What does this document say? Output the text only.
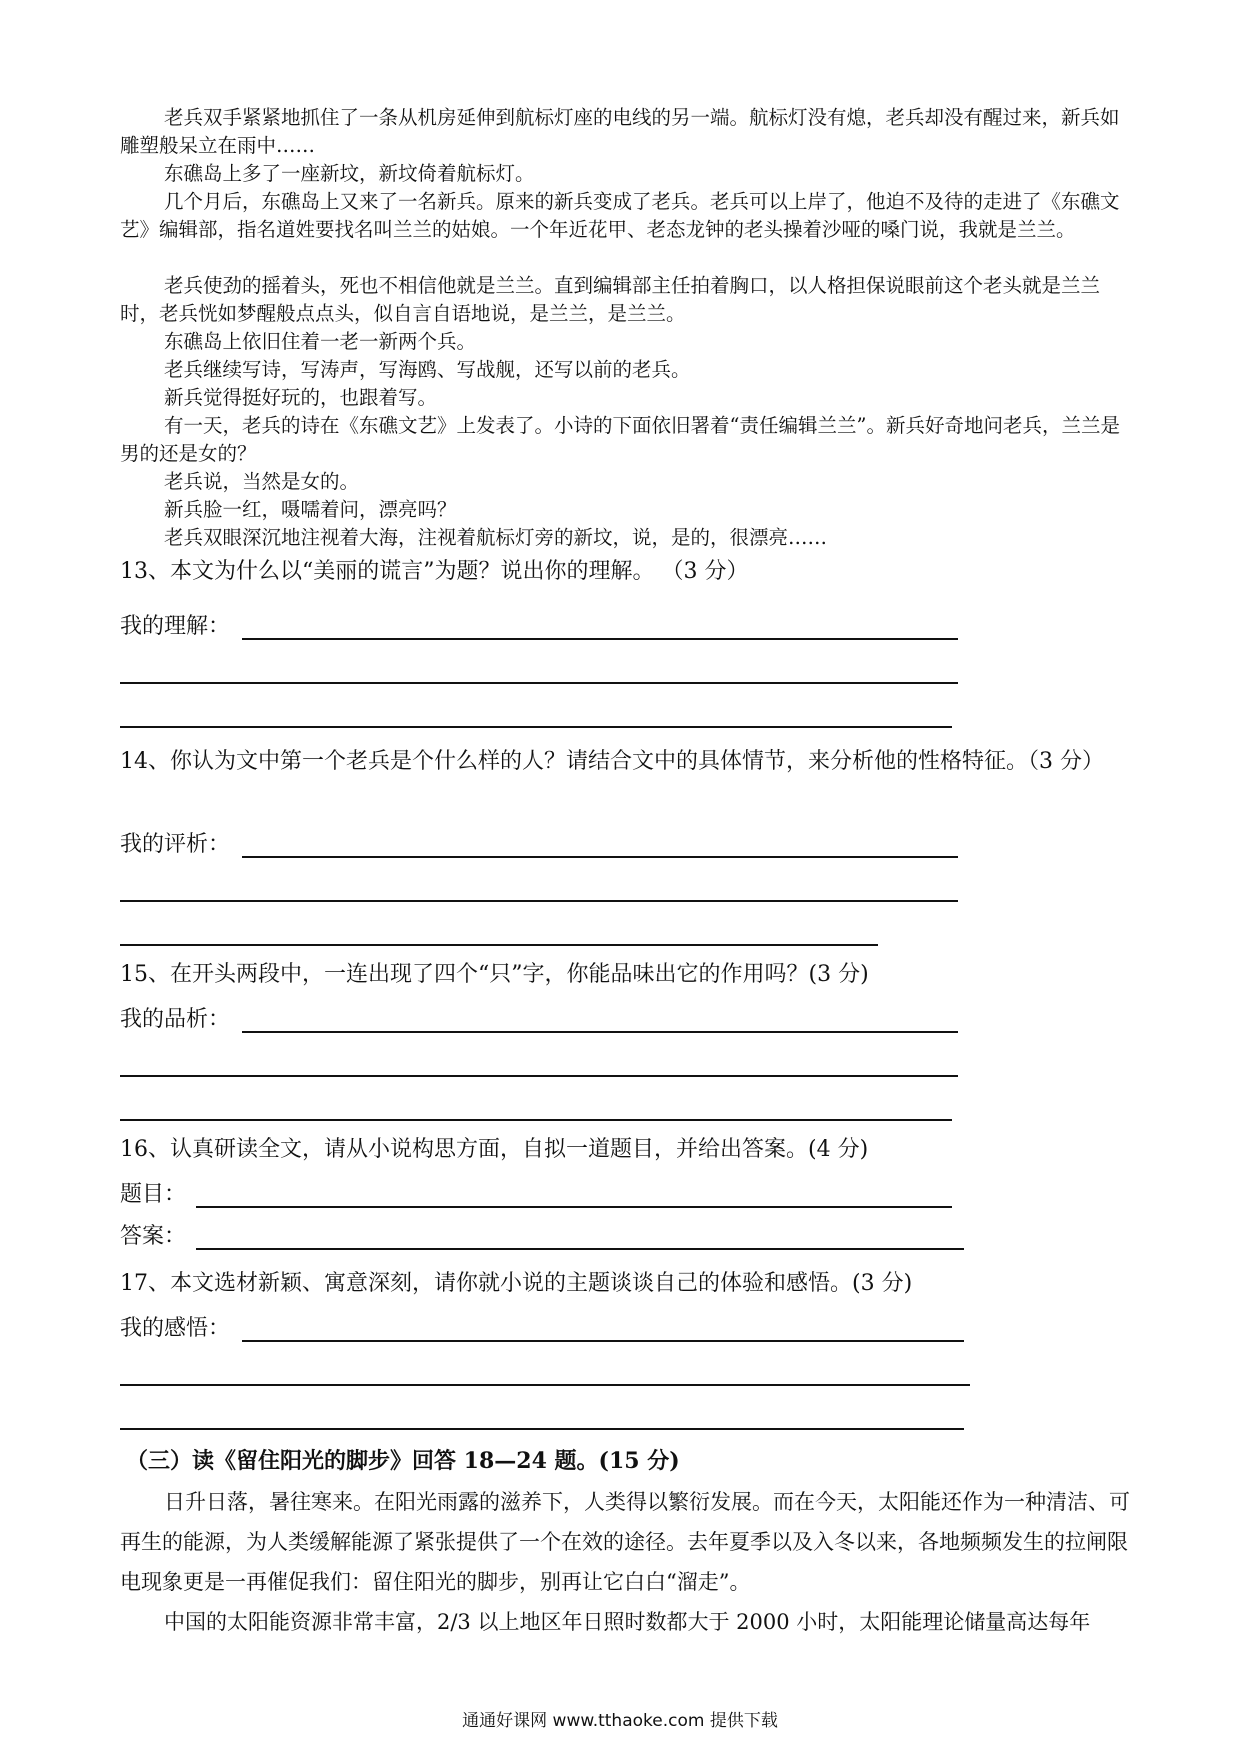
老兵双手紧紧地抓住了一条从机房延伸到航标灯座的电线的另一端。航标灯没有熄，老兵却没有醒过来，新兵如雕塑般呆立在雨中……

东礁岛上多了一座新坟，新坟倚着航标灯。

几个月后，东礁岛上又来了一名新兵。原来的新兵变成了老兵。老兵可以上岸了，他迫不及待的走进了《东礁文艺》编辑部，指名道姓要找名叫兰兰的姑娘。一个年近花甲、老态龙钟的老头操着沙哑的嗓门说，我就是兰兰。

老兵使劲的摇着头，死也不相信他就是兰兰。直到编辑部主任拍着胸口，以人格担保说眼前这个老头就是兰兰时，老兵恍如梦醒般点点头，似自言自语地说，是兰兰，是兰兰。

东礁岛上依旧住着一老一新两个兵。

老兵继续写诗，写涛声，写海鸥、写战舰，还写以前的老兵。

新兵觉得挺好玩的，也跟着写。

有一天，老兵的诗在《东礁文艺》上发表了。小诗的下面依旧署着“责任编辑兰兰”。新兵好奇地问老兵，兰兰是男的还是女的？

老兵说，当然是女的。

新兵脸一红，嗫嚅着问，漂亮吗？

老兵双眼深沉地注视着大海，注视着航标灯旁的新坟，说，是的，很漂亮……

13、本文为什么以“美丽的谎言”为题？说出你的理解。 （3 分）

我的理解：

14、你认为文中第一个老兵是个什么样的人？请结合文中的具体情节，来分析他的性格特征。（3 分）

我的评析：

15、在开头两段中，一连出现了四个“只”字，你能品味出它的作用吗？(3 分)

我的品析：

16、认真研读全文，请从小说构思方面，自拟一道题目，并给出答案。(4 分)

题目：
答案：

17、本文选材新颖、寓意深刻，请你就小说的主题谈谈自己的体验和感悟。(3 分)

我的感悟：
（三）读《留住阳光的脚步》回答 18—24 题。(15 分)

日升日落，暑往寒来。在阳光雨露的滋养下，人类得以繁衍发展。而在今天，太阳能还作为一种清洁、可再生的能源，为人类缓解能源了紧张提供了一个在效的途径。去年夏季以及入冬以来，各地频频发生的拉闸限电现象更是一再催促我们：留住阳光的脚步，别再让它白白“溜走”。

中国的太阳能资源非常丰富，2/3 以上地区年日照时数都大于 2000 小时，太阳能理论储量高达每年

通通好课网 www.tthaoke.com 提供下载
